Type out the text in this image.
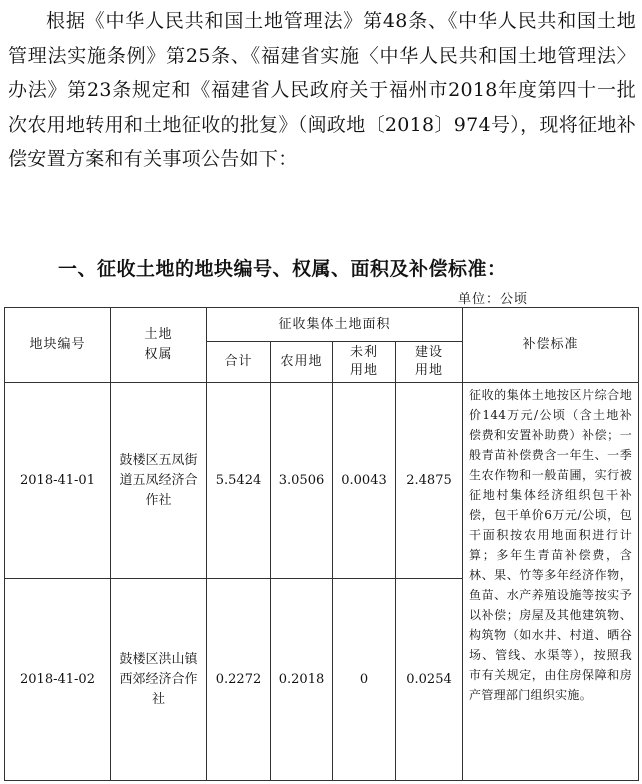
根据《中华人民共和国土地管理法》第48条、《中华人民共和国土地管理法实施条例》第25条、《福建省实施〈中华人民共和国土地管理法〉办法》第23条规定和《福建省人民政府关于福州市2018年度第四十一批次农用地转用和土地征收的批复》（闽政地〔2018〕974号），现将征地补偿安置方案和有关事项公告如下：

一、征收土地的地块编号、权属、面积及补偿标准：
单位：公顷
地块编号	土地权属	征收集体土地面积				补偿标准
		合计	农用地	未利用地	建设用地	

2018-41-01	鼓楼区五凤街道五凤经济合作社	5.5424	3.0506	0.0043	2.4875	征收的集体土地按区片综合地价144万元/公顷（含土地补偿费和安置补助费）补偿；一般青苗补偿费含一年生、一季生农作物和一般苗圃，实行被征地村集体经济组织包干补偿，包干单价6万元/公顷，包干面积按农用地面积进行计算；多年生青苗补偿费，含林、果、竹等多年经济作物，鱼苗、水产养殖设施等按实予以补偿；房屋及其他建筑物、构筑物（如水井、村道、晒谷场、管线、水渠等），按照我市有关规定，由住房保障和房产管理部门组织实施。

2018-41-02	鼓楼区洪山镇西郊经济合作社	0.2272	0.2018	0	0.0254	
